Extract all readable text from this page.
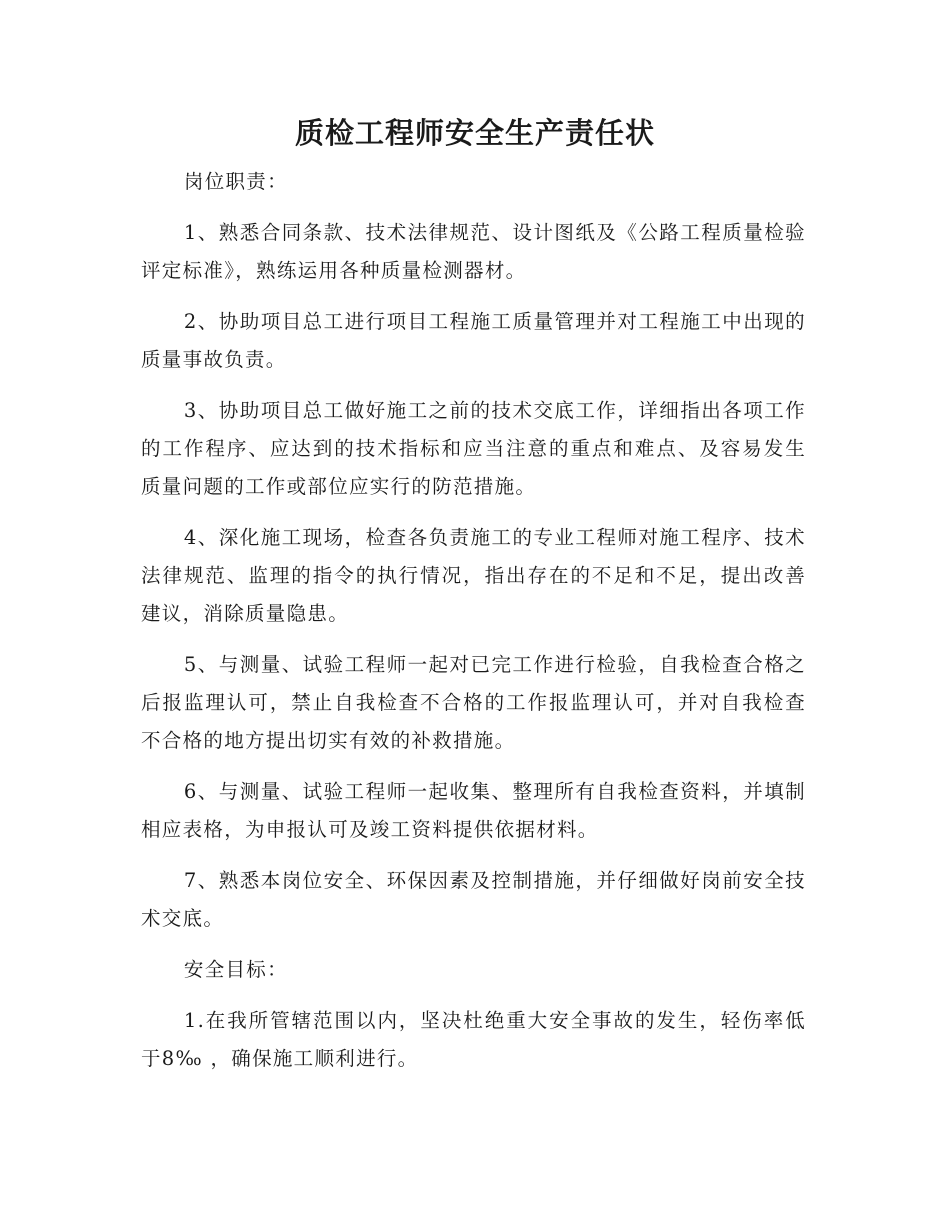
质检工程师安全生产责任状

岗位职责：

1、熟悉合同条款、技术法律规范、设计图纸及《公路工程质量检验评定标准》，熟练运用各种质量检测器材。

2、协助项目总工进行项目工程施工质量管理并对工程施工中出现的质量事故负责。

3、协助项目总工做好施工之前的技术交底工作，详细指出各项工作的工作程序、应达到的技术指标和应当注意的重点和难点、及容易发生质量问题的工作或部位应实行的防范措施。

4、深化施工现场，检查各负责施工的专业工程师对施工程序、技术法律规范、监理的指令的执行情况，指出存在的不足和不足，提出改善建议，消除质量隐患。

5、与测量、试验工程师一起对已完工作进行检验，自我检查合格之后报监理认可，禁止自我检查不合格的工作报监理认可，并对自我检查不合格的地方提出切实有效的补救措施。

6、与测量、试验工程师一起收集、整理所有自我检查资料，并填制相应表格，为申报认可及竣工资料提供依据材料。

7、熟悉本岗位安全、环保因素及控制措施，并仔细做好岗前安全技术交底。

安全目标：

1.在我所管辖范围以内，坚决杜绝重大安全事故的发生，轻伤率低于8‰ ，确保施工顺利进行。
